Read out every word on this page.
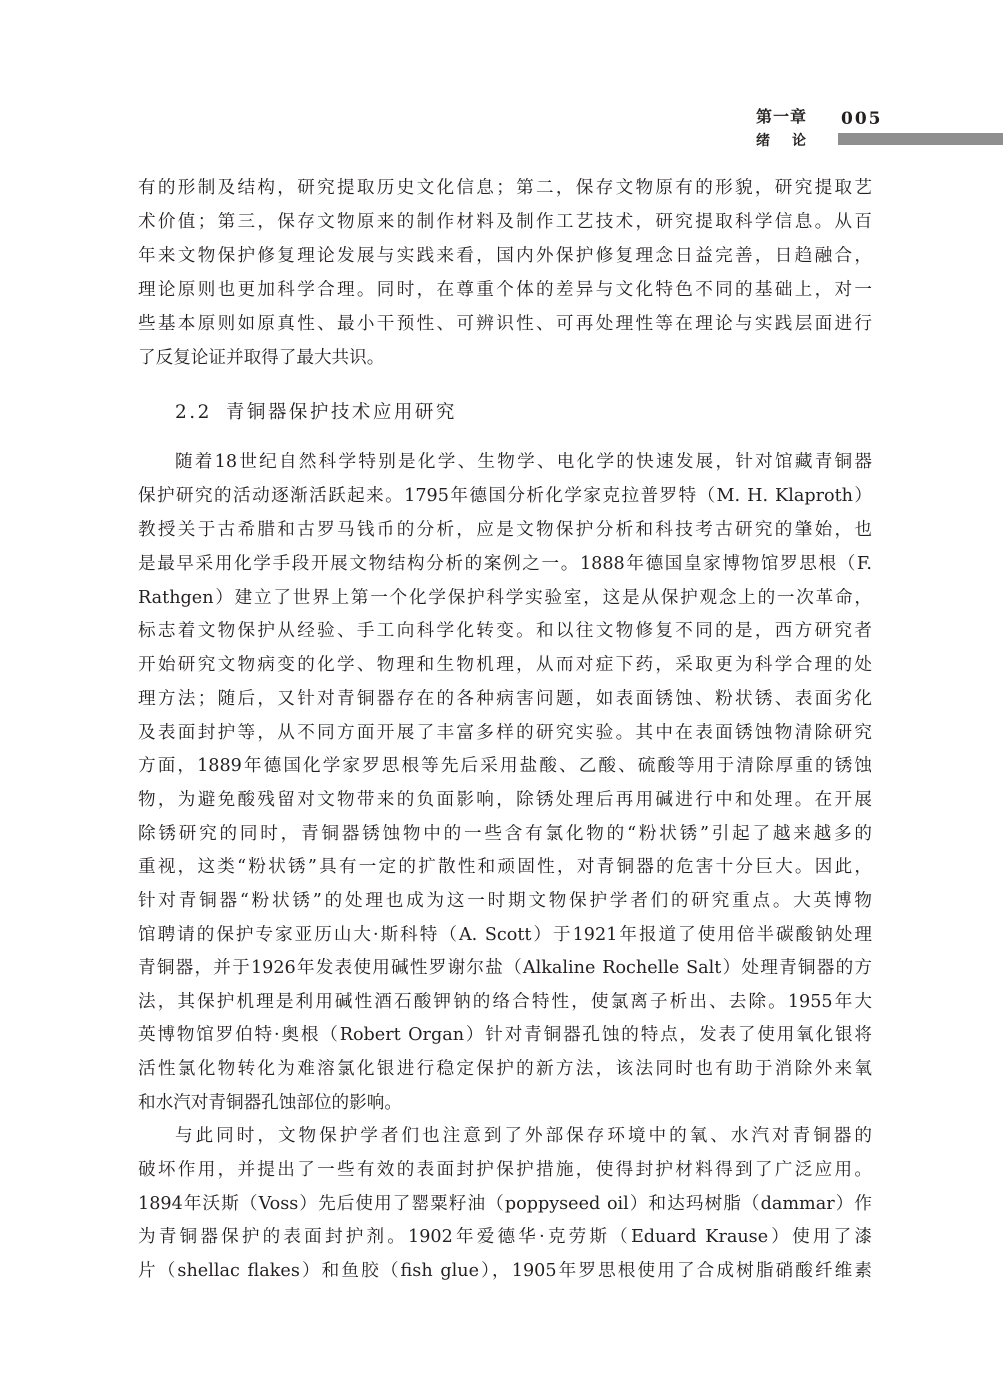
第一章
绪论
005
有的形制及结构，研究提取历史文化信息；第二，保存文物原有的形貌，研究提取艺
术价值；第三，保存文物原来的制作材料及制作工艺技术，研究提取科学信息。从百
年来文物保护修复理论发展与实践来看，国内外保护修复理念日益完善，日趋融合，
理论原则也更加科学合理。同时，在尊重个体的差异与文化特色不同的基础上，对一
些基本原则如原真性、最小干预性、可辨识性、可再处理性等在理论与实践层面进行
了反复论证并取得了最大共识。
2.2 青铜器保护技术应用研究
随着18世纪自然科学特别是化学、生物学、电化学的快速发展，针对馆藏青铜器
保护研究的活动逐渐活跃起来。1795年德国分析化学家克拉普罗特（M. H. Klaproth）
教授关于古希腊和古罗马钱币的分析，应是文物保护分析和科技考古研究的肇始，也
是最早采用化学手段开展文物结构分析的案例之一。1888年德国皇家博物馆罗思根（F.
Rathgen）建立了世界上第一个化学保护科学实验室，这是从保护观念上的一次革命，
标志着文物保护从经验、手工向科学化转变。和以往文物修复不同的是，西方研究者
开始研究文物病变的化学、物理和生物机理，从而对症下药，采取更为科学合理的处
理方法；随后，又针对青铜器存在的各种病害问题，如表面锈蚀、粉状锈、表面劣化
及表面封护等，从不同方面开展了丰富多样的研究实验。其中在表面锈蚀物清除研究
方面，1889年德国化学家罗思根等先后采用盐酸、乙酸、硫酸等用于清除厚重的锈蚀
物，为避免酸残留对文物带来的负面影响，除锈处理后再用碱进行中和处理。在开展
除锈研究的同时，青铜器锈蚀物中的一些含有氯化物的“粉状锈”引起了越来越多的
重视，这类“粉状锈”具有一定的扩散性和顽固性，对青铜器的危害十分巨大。因此，
针对青铜器“粉状锈”的处理也成为这一时期文物保护学者们的研究重点。大英博物
馆聘请的保护专家亚历山大·斯科特（A. Scott）于1921年报道了使用倍半碳酸钠处理
青铜器，并于1926年发表使用碱性罗谢尔盐（Alkaline Rochelle Salt）处理青铜器的方
法，其保护机理是利用碱性酒石酸钾钠的络合特性，使氯离子析出、去除。1955年大
英博物馆罗伯特·奥根（Robert Organ）针对青铜器孔蚀的特点，发表了使用氧化银将
活性氯化物转化为难溶氯化银进行稳定保护的新方法，该法同时也有助于消除外来氧
和水汽对青铜器孔蚀部位的影响。
与此同时，文物保护学者们也注意到了外部保存环境中的氧、水汽对青铜器的
破坏作用，并提出了一些有效的表面封护保护措施，使得封护材料得到了广泛应用。
1894年沃斯（Voss）先后使用了罂粟籽油（poppyseed oil）和达玛树脂（dammar）作
为青铜器保护的表面封护剂。1902年爱德华·克劳斯（Eduard Krause）使用了漆
片（shellac flakes）和鱼胶（fish glue），1905年罗思根使用了合成树脂硝酸纤维素
